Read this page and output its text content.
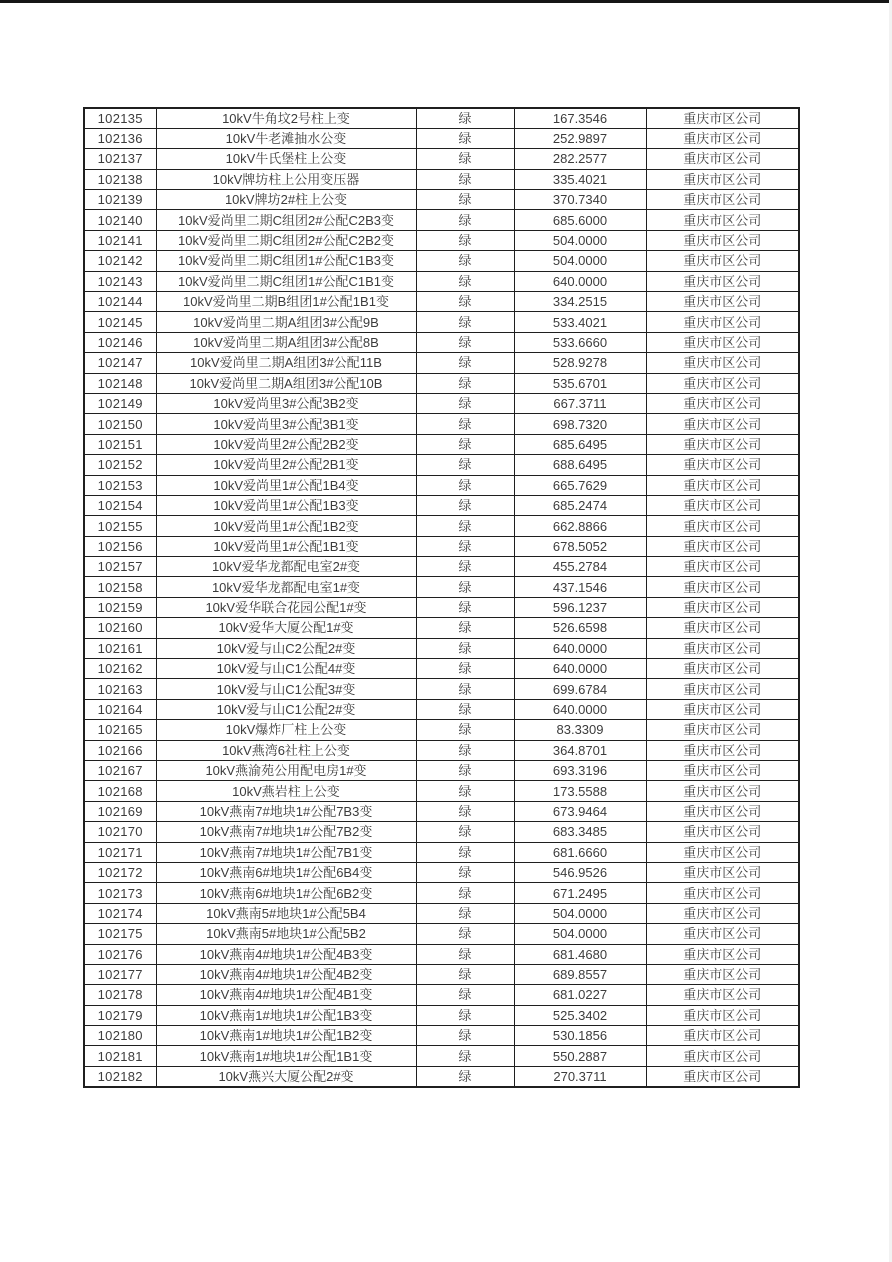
102135	10kV牛角坟2号柱上变	绿	167.3546	重庆市区公司
102136	10kV牛老滩抽水公变	绿	252.9897	重庆市区公司
102137	10kV牛氏堡柱上公变	绿	282.2577	重庆市区公司
102138	10kV牌坊柱上公用变压器	绿	335.4021	重庆市区公司
102139	10kV牌坊2#柱上公变	绿	370.7340	重庆市区公司
102140	10kV爱尚里二期C组团2#公配C2B3变	绿	685.6000	重庆市区公司
102141	10kV爱尚里二期C组团2#公配C2B2变	绿	504.0000	重庆市区公司
102142	10kV爱尚里二期C组团1#公配C1B3变	绿	504.0000	重庆市区公司
102143	10kV爱尚里二期C组团1#公配C1B1变	绿	640.0000	重庆市区公司
102144	10kV爱尚里二期B组团1#公配1B1变	绿	334.2515	重庆市区公司
102145	10kV爱尚里二期A组团3#公配9B	绿	533.4021	重庆市区公司
102146	10kV爱尚里二期A组团3#公配8B	绿	533.6660	重庆市区公司
102147	10kV爱尚里二期A组团3#公配11B	绿	528.9278	重庆市区公司
102148	10kV爱尚里二期A组团3#公配10B	绿	535.6701	重庆市区公司
102149	10kV爱尚里3#公配3B2变	绿	667.3711	重庆市区公司
102150	10kV爱尚里3#公配3B1变	绿	698.7320	重庆市区公司
102151	10kV爱尚里2#公配2B2变	绿	685.6495	重庆市区公司
102152	10kV爱尚里2#公配2B1变	绿	688.6495	重庆市区公司
102153	10kV爱尚里1#公配1B4变	绿	665.7629	重庆市区公司
102154	10kV爱尚里1#公配1B3变	绿	685.2474	重庆市区公司
102155	10kV爱尚里1#公配1B2变	绿	662.8866	重庆市区公司
102156	10kV爱尚里1#公配1B1变	绿	678.5052	重庆市区公司
102157	10kV爱华龙都配电室2#变	绿	455.2784	重庆市区公司
102158	10kV爱华龙都配电室1#变	绿	437.1546	重庆市区公司
102159	10kV爱华联合花园公配1#变	绿	596.1237	重庆市区公司
102160	10kV爱华大厦公配1#变	绿	526.6598	重庆市区公司
102161	10kV爱与山C2公配2#变	绿	640.0000	重庆市区公司
102162	10kV爱与山C1公配4#变	绿	640.0000	重庆市区公司
102163	10kV爱与山C1公配3#变	绿	699.6784	重庆市区公司
102164	10kV爱与山C1公配2#变	绿	640.0000	重庆市区公司
102165	10kV爆炸厂柱上公变	绿	83.3309	重庆市区公司
102166	10kV燕湾6社柱上公变	绿	364.8701	重庆市区公司
102167	10kV燕渝苑公用配电房1#变	绿	693.3196	重庆市区公司
102168	10kV燕岩柱上公变	绿	173.5588	重庆市区公司
102169	10kV燕南7#地块1#公配7B3变	绿	673.9464	重庆市区公司
102170	10kV燕南7#地块1#公配7B2变	绿	683.3485	重庆市区公司
102171	10kV燕南7#地块1#公配7B1变	绿	681.6660	重庆市区公司
102172	10kV燕南6#地块1#公配6B4变	绿	546.9526	重庆市区公司
102173	10kV燕南6#地块1#公配6B2变	绿	671.2495	重庆市区公司
102174	10kV燕南5#地块1#公配5B4	绿	504.0000	重庆市区公司
102175	10kV燕南5#地块1#公配5B2	绿	504.0000	重庆市区公司
102176	10kV燕南4#地块1#公配4B3变	绿	681.4680	重庆市区公司
102177	10kV燕南4#地块1#公配4B2变	绿	689.8557	重庆市区公司
102178	10kV燕南4#地块1#公配4B1变	绿	681.0227	重庆市区公司
102179	10kV燕南1#地块1#公配1B3变	绿	525.3402	重庆市区公司
102180	10kV燕南1#地块1#公配1B2变	绿	530.1856	重庆市区公司
102181	10kV燕南1#地块1#公配1B1变	绿	550.2887	重庆市区公司
102182	10kV燕兴大厦公配2#变	绿	270.3711	重庆市区公司
